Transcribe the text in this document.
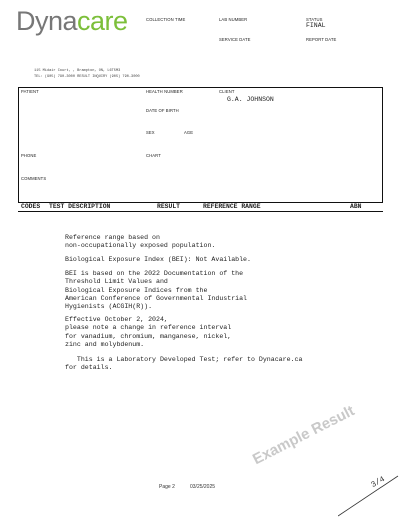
Dynacare	COLLECTION TIME	LAB NUMBER	STATUS
FINAL
SERVICE DATE	REPORT DATE
115 Midair Court, , Brampton, ON, L6T5M3
TEL: (905) 790-3000 RESULT INQUIRY (905) 790-3000
PATIENT	HEALTH NUMBER	CLIENT
G.A. JOHNSON
DATE OF BIRTH
SEX	AGE
PHONE	CHART
COMMENTS
CODES TEST DESCRIPTION	RESULT	REFERENCE RANGE	ABN
Reference range based on
non-occupationally exposed population.
Biological Exposure Index (BEI): Not Available.
BEI is based on the 2022 Documentation of the
Threshold Limit Values and
Biological Exposure Indices from the
American Conference of Governmental Industrial
Hygienists (ACGIH(R)).
Effective October 2, 2024,
please note a change in reference interval
for vanadium, chromium, manganese, nickel,
zinc and molybdenum.
This is a Laboratory Developed Test; refer to Dynacare.ca
for details.
Example Result
Page 2	03/25/2025	3/4
